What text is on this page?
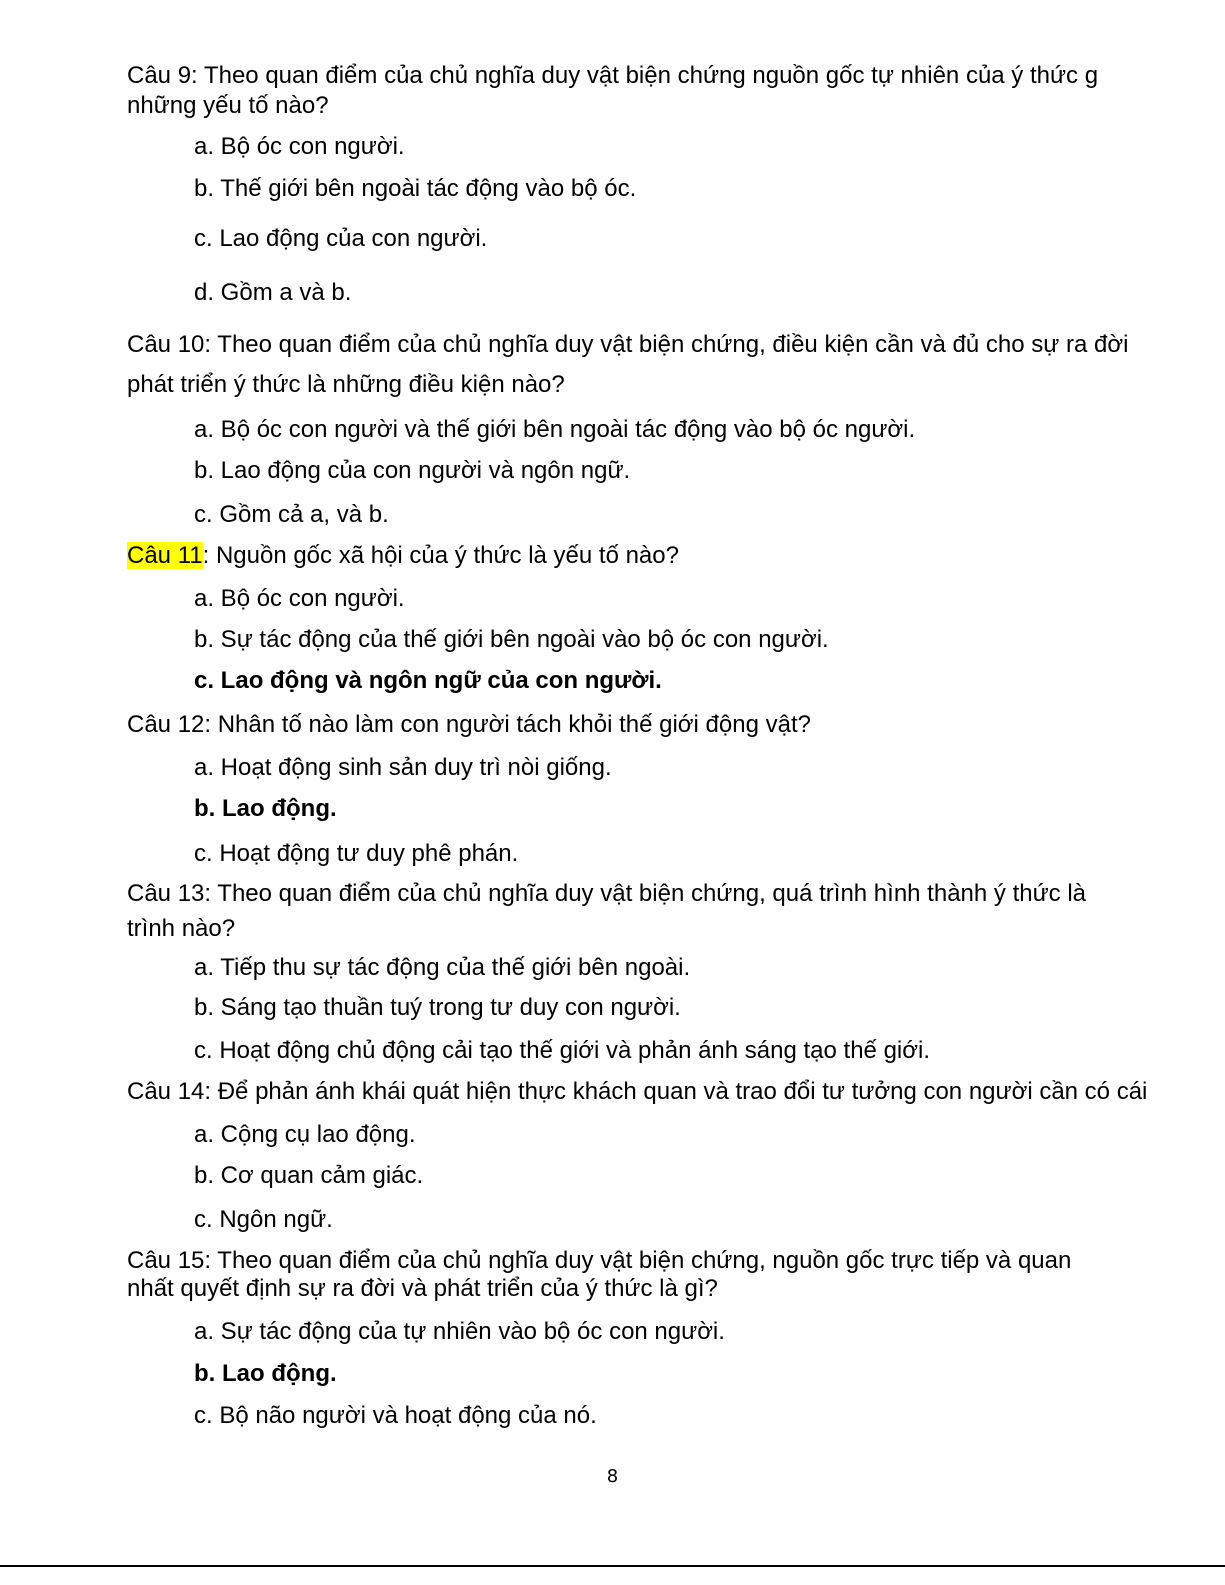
Câu 9: Theo quan điểm của chủ nghĩa duy vật biện chứng nguồn gốc tự nhiên của ý thức g
những yếu tố nào?
a. Bộ óc con người.
b. Thế giới bên ngoài tác động vào bộ óc.
c. Lao động của con người.
d. Gồm a và b.
Câu 10: Theo quan điểm của chủ nghĩa duy vật biện chứng, điều kiện cần và đủ cho sự ra đời
phát triển ý thức là những điều kiện nào?
a. Bộ óc con người và thế giới bên ngoài tác động vào bộ óc người.
b. Lao động của con người và ngôn ngữ.
c. Gồm cả a, và b.
Câu 11: Nguồn gốc xã hội của ý thức là yếu tố nào?
a. Bộ óc con người.
b. Sự tác động của thế giới bên ngoài vào bộ óc con người.
c. Lao động và ngôn ngữ của con người.
Câu 12: Nhân tố nào làm con người tách khỏi thế giới động vật?
a. Hoạt động sinh sản duy trì nòi giống.
b. Lao động.
c. Hoạt động tư duy phê phán.
Câu 13: Theo quan điểm của chủ nghĩa duy vật biện chứng, quá trình hình thành ý thức là
trình nào?
a. Tiếp thu sự tác động của thế giới bên ngoài.
b. Sáng tạo thuần tuý trong tư duy con người.
c. Hoạt động chủ động cải tạo thế giới và phản ánh sáng tạo thế giới.
Câu 14: Để phản ánh khái quát hiện thực khách quan và trao đổi tư tưởng con người cần có cái
a. Cộng cụ lao động.
b. Cơ quan cảm giác.
c. Ngôn ngữ.
Câu 15: Theo quan điểm của chủ nghĩa duy vật biện chứng, nguồn gốc trực tiếp và quan
nhất quyết định sự ra đời và phát triển của ý thức là gì?
a. Sự tác động của tự nhiên vào bộ óc con người.
b. Lao động.
c. Bộ não người và hoạt động của nó.
8
